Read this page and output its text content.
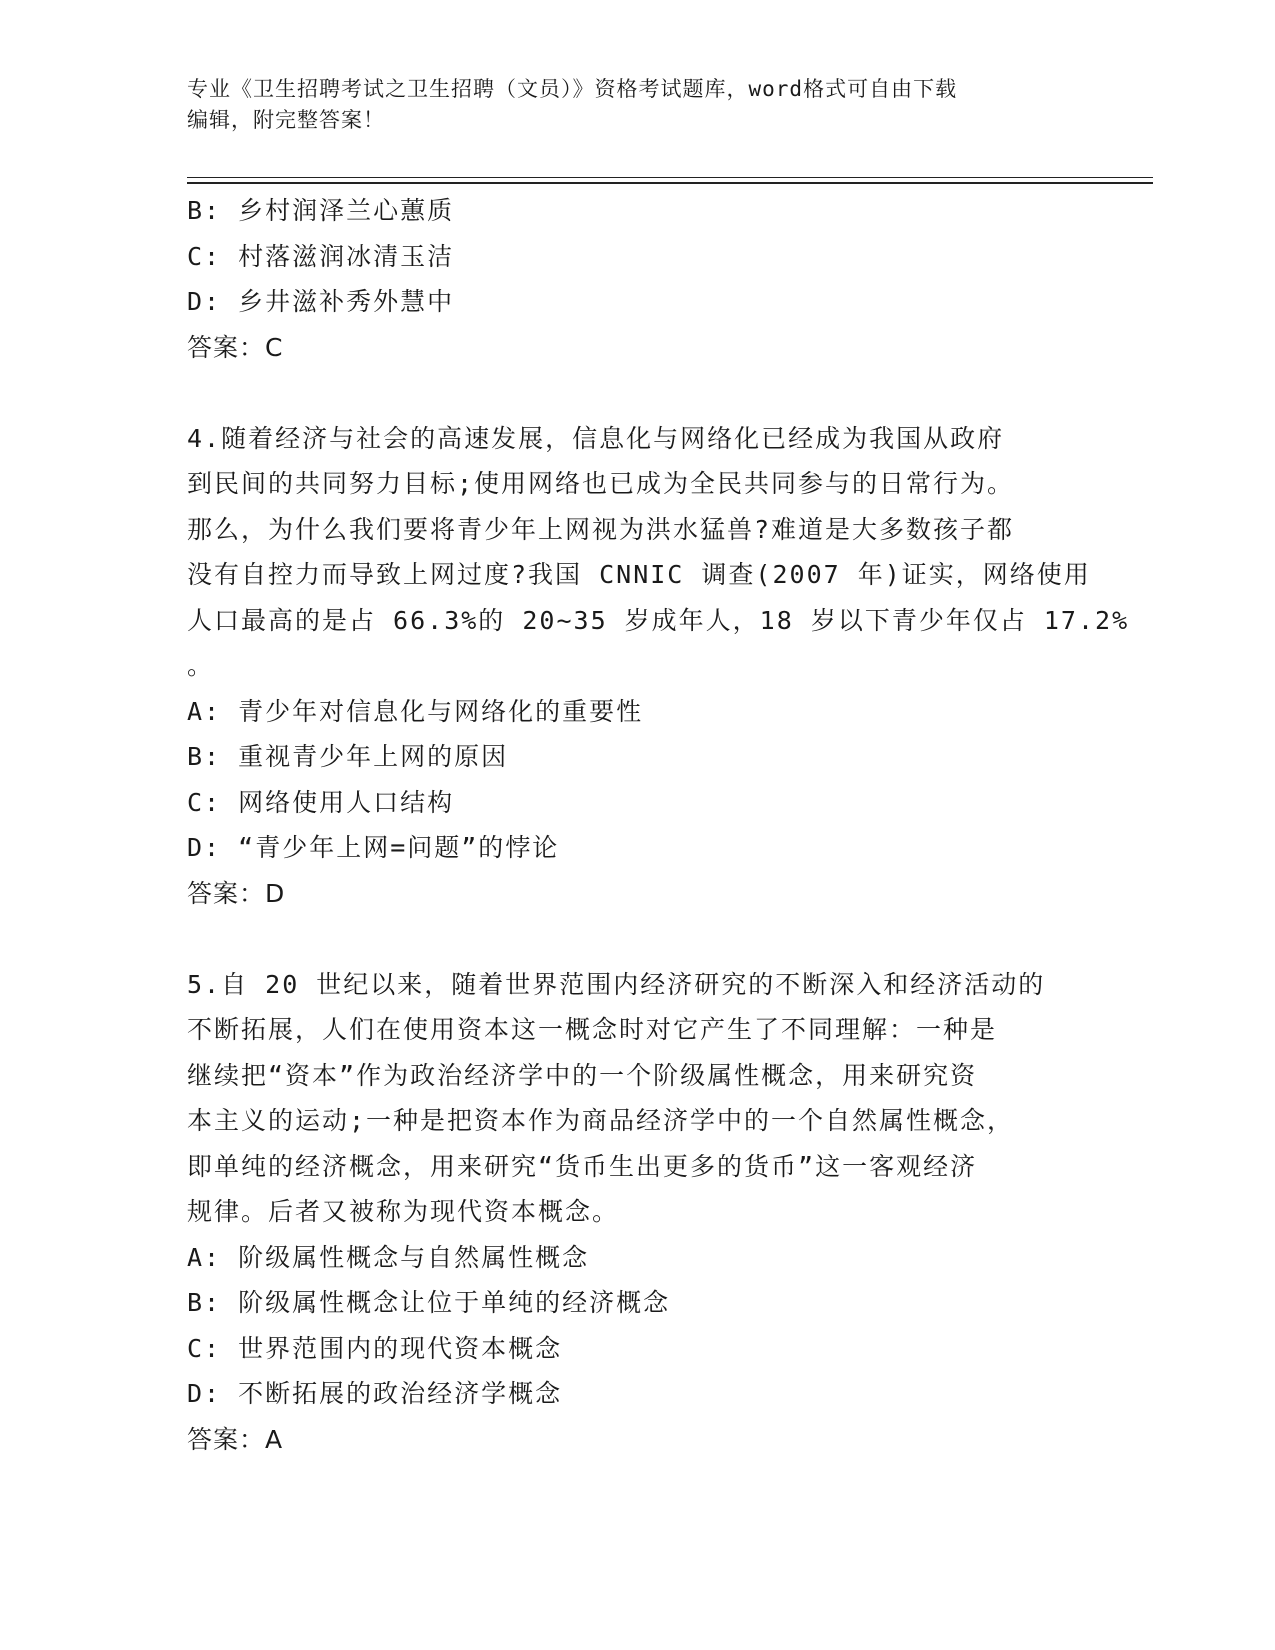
专业《卫生招聘考试之卫生招聘（文员）》资格考试题库，word格式可自由下载
编辑，附完整答案！
B: 乡村润泽兰心蕙质
C: 村落滋润冰清玉洁
D: 乡井滋补秀外慧中
答案：C
4.随着经济与社会的高速发展，信息化与网络化已经成为我国从政府
到民间的共同努力目标;使用网络也已成为全民共同参与的日常行为。
那么，为什么我们要将青少年上网视为洪水猛兽?难道是大多数孩子都
没有自控力而导致上网过度?我国 CNNIC 调查(2007 年)证实，网络使用
人口最高的是占 66.3%的 20~35 岁成年人，18 岁以下青少年仅占 17.2%
。
A: 青少年对信息化与网络化的重要性
B: 重视青少年上网的原因
C: 网络使用人口结构
D: “青少年上网=问题”的悖论
答案：D
5.自 20 世纪以来，随着世界范围内经济研究的不断深入和经济活动的
不断拓展，人们在使用资本这一概念时对它产生了不同理解：一种是
继续把“资本”作为政治经济学中的一个阶级属性概念，用来研究资
本主义的运动;一种是把资本作为商品经济学中的一个自然属性概念，
即单纯的经济概念，用来研究“货币生出更多的货币”这一客观经济
规律。后者又被称为现代资本概念。
A: 阶级属性概念与自然属性概念
B: 阶级属性概念让位于单纯的经济概念
C: 世界范围内的现代资本概念
D: 不断拓展的政治经济学概念
答案：A
